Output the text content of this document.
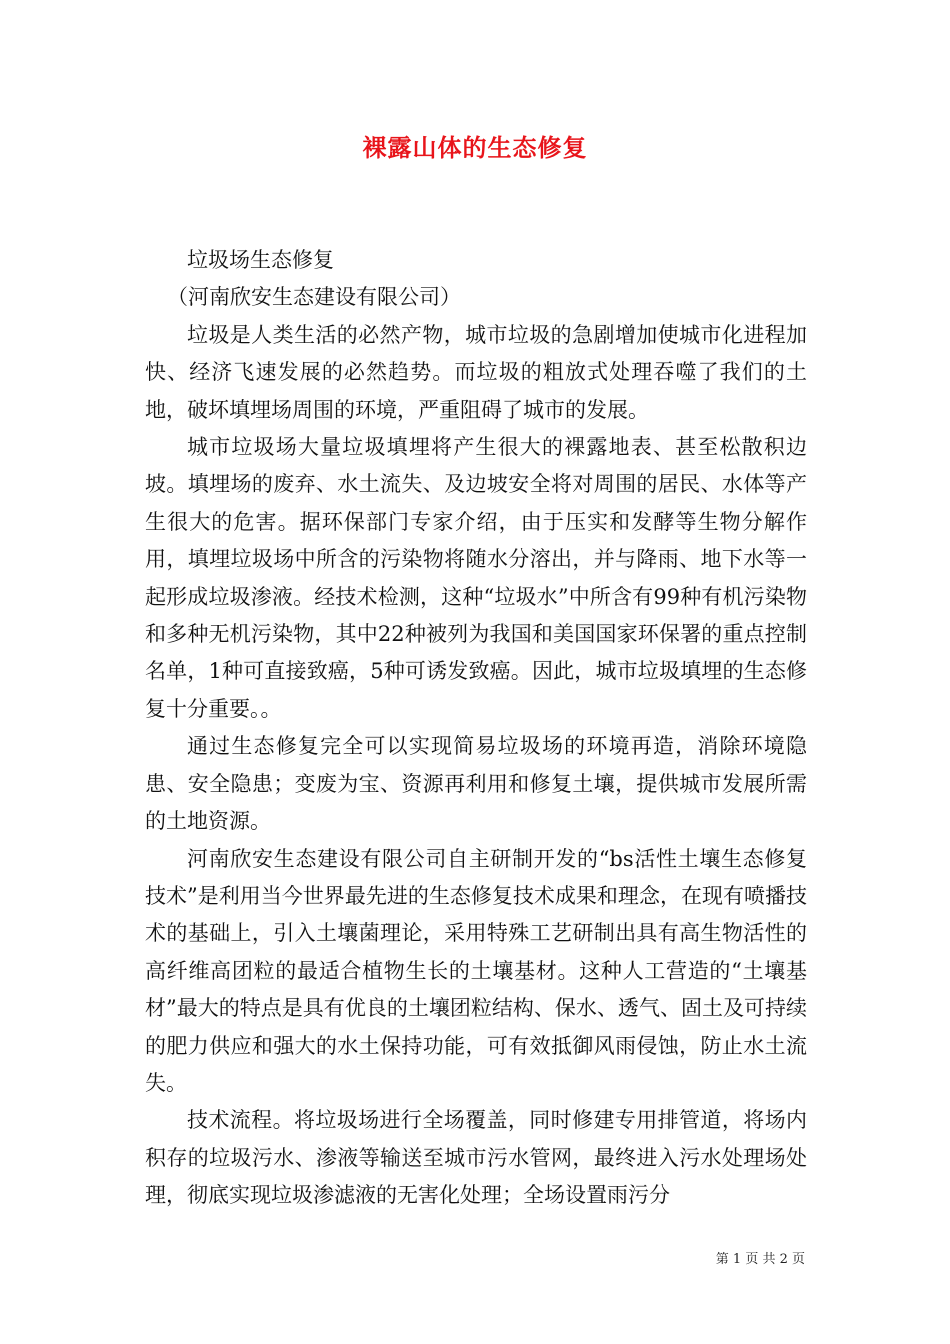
裸露山体的生态修复

垃圾场生态修复

（河南欣安生态建设有限公司）

垃圾是人类生活的必然产物，城市垃圾的急剧增加使城市化进程加快、经济飞速发展的必然趋势。而垃圾的粗放式处理吞噬了我们的土地，破坏填埋场周围的环境，严重阻碍了城市的发展。

城市垃圾场大量垃圾填埋将产生很大的裸露地表、甚至松散积边坡。填埋场的废弃、水土流失、及边坡安全将对周围的居民、水体等产生很大的危害。据环保部门专家介绍，由于压实和发酵等生物分解作用，填埋垃圾场中所含的污染物将随水分溶出，并与降雨、地下水等一起形成垃圾渗液。经技术检测，这种“垃圾水”中所含有99种有机污染物和多种无机污染物，其中22种被列为我国和美国国家环保署的重点控制名单，1种可直接致癌，5种可诱发致癌。因此，城市垃圾填埋的生态修复十分重要。。

通过生态修复完全可以实现简易垃圾场的环境再造，消除环境隐患、安全隐患；变废为宝、资源再利用和修复土壤，提供城市发展所需的土地资源。

河南欣安生态建设有限公司自主研制开发的“bs活性土壤生态修复技术”是利用当今世界最先进的生态修复技术成果和理念，在现有喷播技术的基础上，引入土壤菌理论，采用特殊工艺研制出具有高生物活性的高纤维高团粒的最适合植物生长的土壤基材。这种人工营造的“土壤基材”最大的特点是具有优良的土壤团粒结构、保水、透气、固土及可持续的肥力供应和强大的水土保持功能，可有效抵御风雨侵蚀，防止水土流失。

技术流程。将垃圾场进行全场覆盖，同时修建专用排管道，将场内积存的垃圾污水、渗液等输送至城市污水管网，最终进入污水处理场处理，彻底实现垃圾渗滤液的无害化处理；全场设置雨污分

第 1 页 共 2 页
